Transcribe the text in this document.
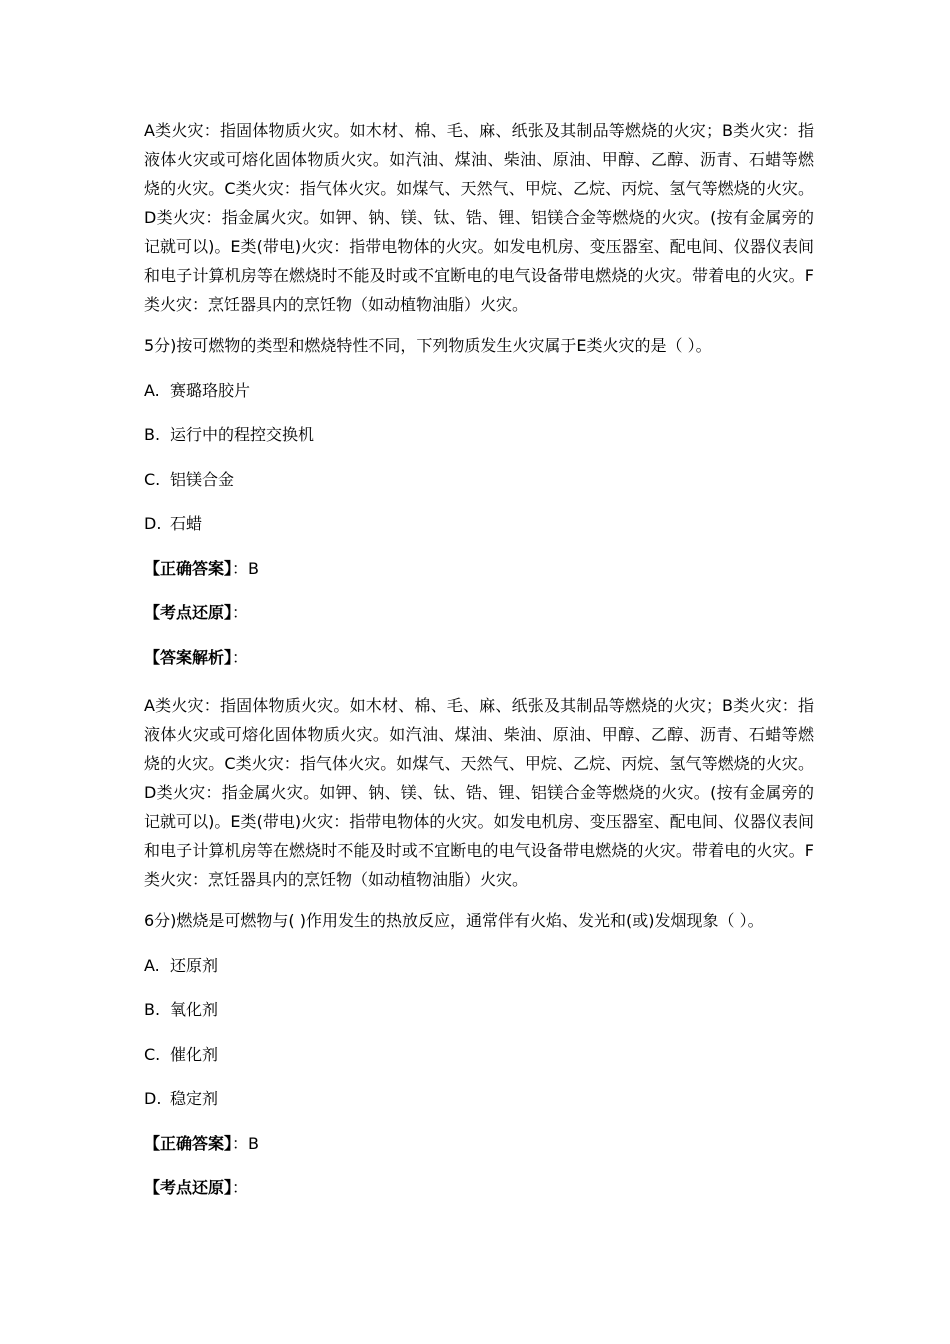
A类火灾：指固体物质火灾。如木材、棉、毛、麻、纸张及其制品等燃烧的火灾；B类火灾：指液体火灾或可熔化固体物质火灾。如汽油、煤油、柴油、原油、甲醇、乙醇、沥青、石蜡等燃烧的火灾。C类火灾：指气体火灾。如煤气、天然气、甲烷、乙烷、丙烷、氢气等燃烧的火灾。D类火灾：指金属火灾。如钾、钠、镁、钛、锆、锂、铝镁合金等燃烧的火灾。(按有金属旁的记就可以)。E类(带电)火灾：指带电物体的火灾。如发电机房、变压器室、配电间、仪器仪表间和电子计算机房等在燃烧时不能及时或不宜断电的电气设备带电燃烧的火灾。带着电的火灾。F类火灾：烹饪器具内的烹饪物（如动植物油脂）火灾。

5分)按可燃物的类型和燃烧特性不同，下列物质发生火灾属于E类火灾的是（ ）。

A. 赛璐珞胶片

B. 运行中的程控交换机

C. 铝镁合金

D. 石蜡

【正确答案】：B

【考点还原】：

【答案解析】：

A类火灾：指固体物质火灾。如木材、棉、毛、麻、纸张及其制品等燃烧的火灾；B类火灾：指液体火灾或可熔化固体物质火灾。如汽油、煤油、柴油、原油、甲醇、乙醇、沥青、石蜡等燃烧的火灾。C类火灾：指气体火灾。如煤气、天然气、甲烷、乙烷、丙烷、氢气等燃烧的火灾。D类火灾：指金属火灾。如钾、钠、镁、钛、锆、锂、铝镁合金等燃烧的火灾。(按有金属旁的记就可以)。E类(带电)火灾：指带电物体的火灾。如发电机房、变压器室、配电间、仪器仪表间和电子计算机房等在燃烧时不能及时或不宜断电的电气设备带电燃烧的火灾。带着电的火灾。F类火灾：烹饪器具内的烹饪物（如动植物油脂）火灾。

6分)燃烧是可燃物与( )作用发生的热放反应，通常伴有火焰、发光和(或)发烟现象（ ）。

A. 还原剂

B. 氧化剂

C. 催化剂

D. 稳定剂

【正确答案】：B

【考点还原】：
